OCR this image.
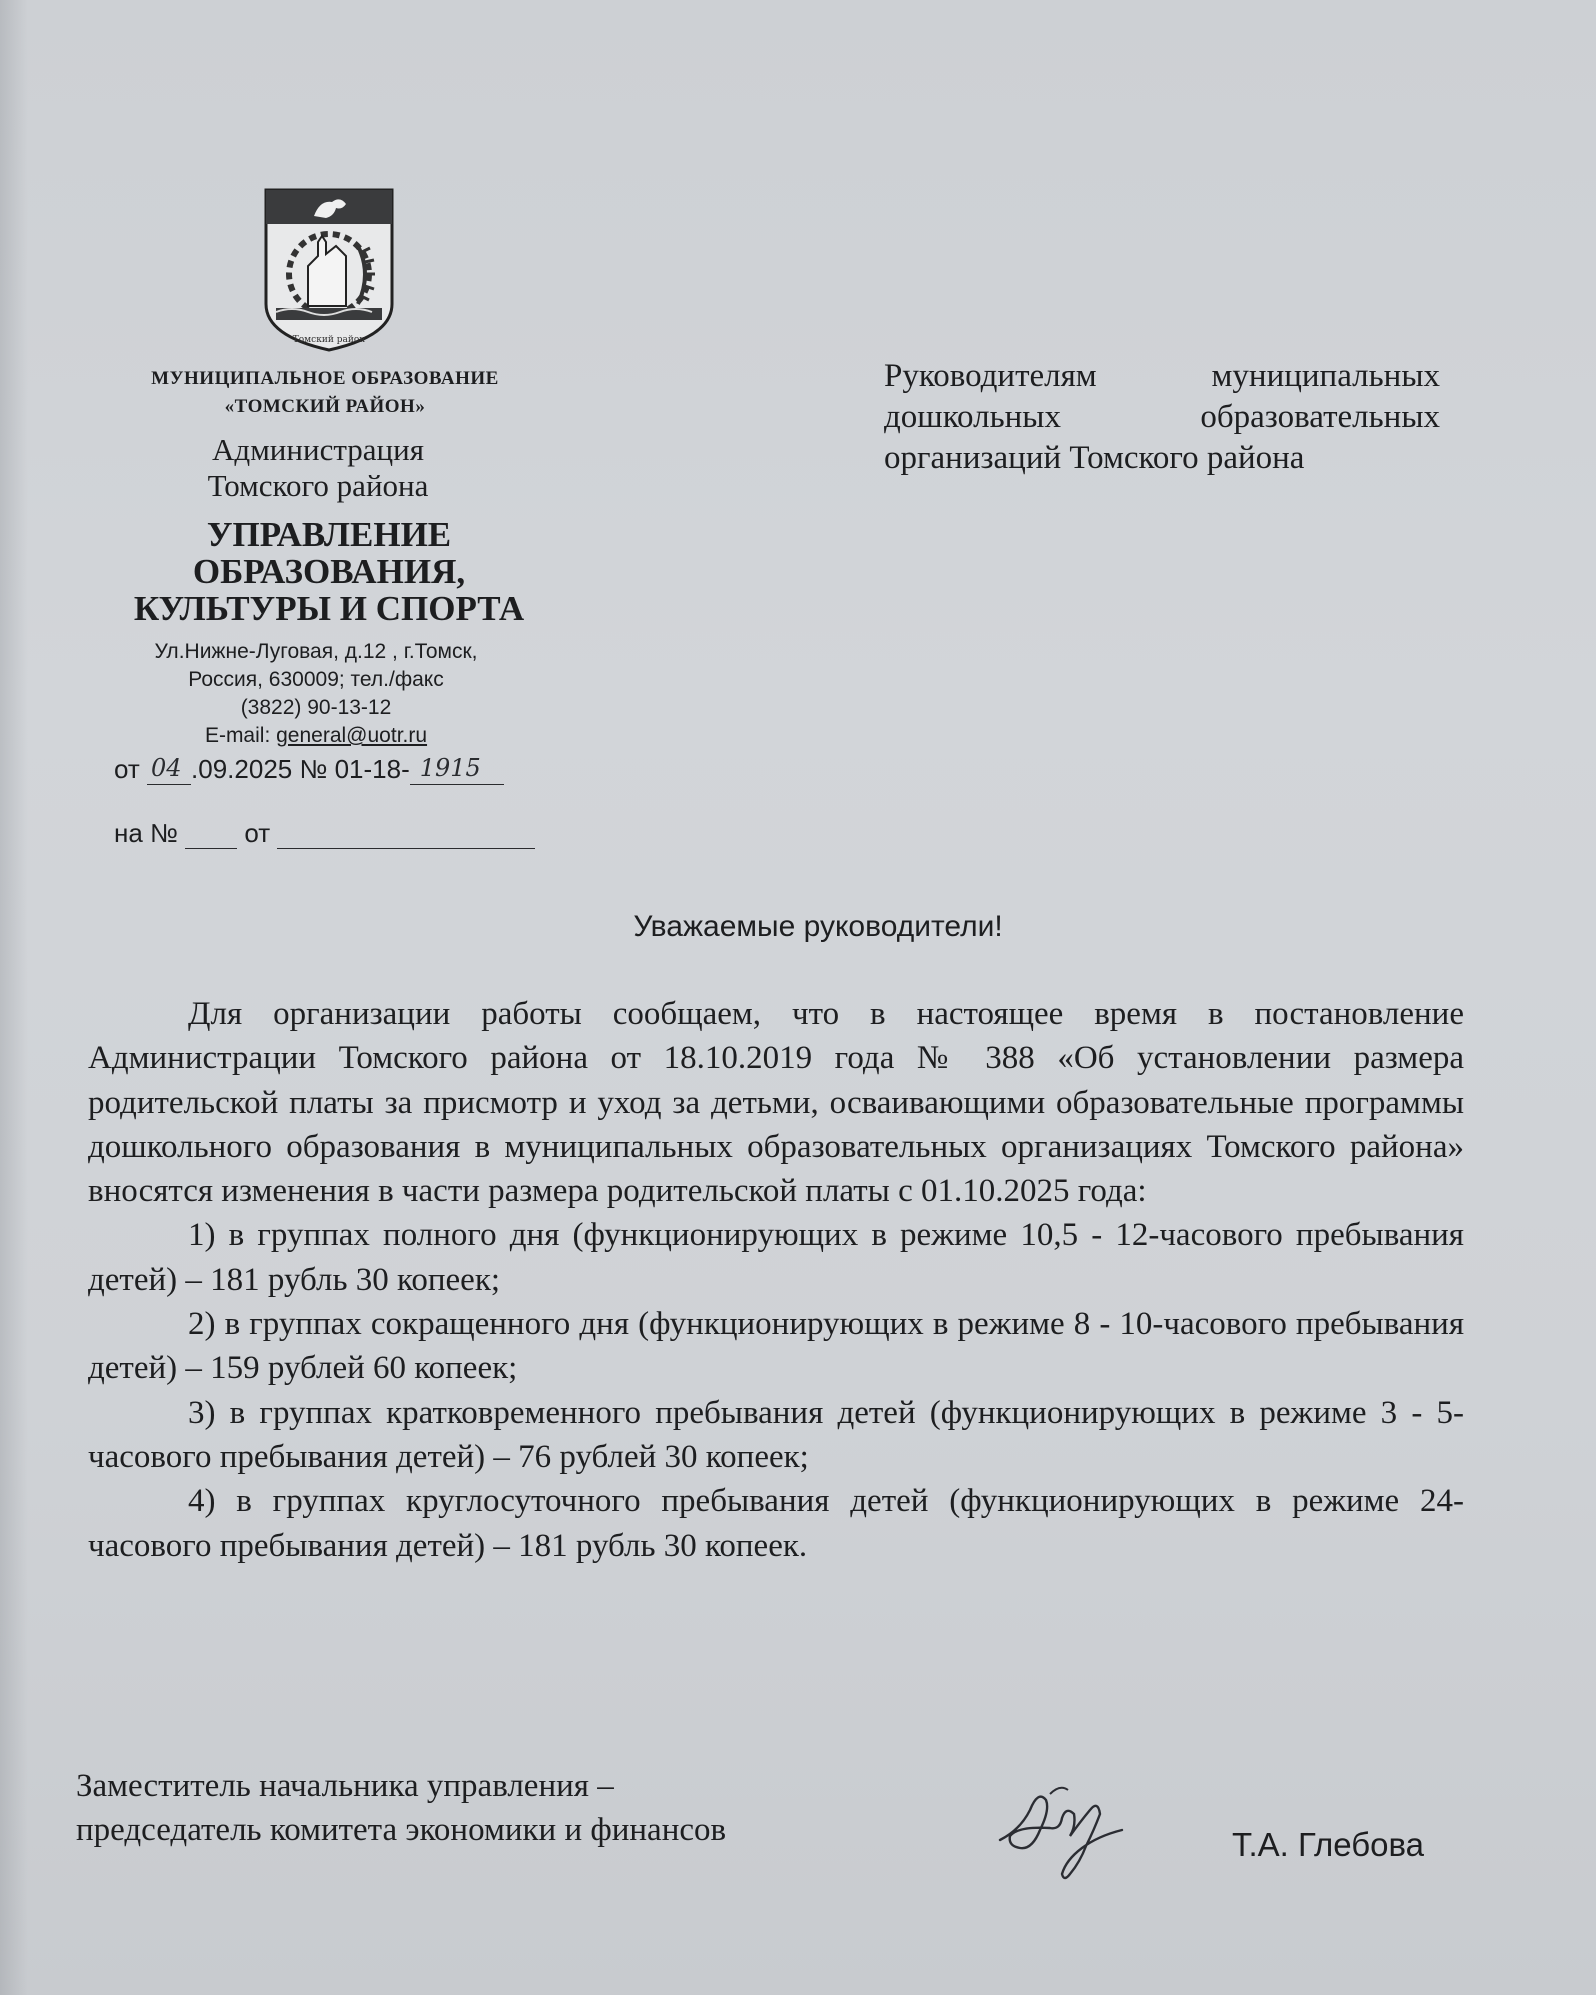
Томский район
МУНИЦИПАЛЬНОЕ ОБРАЗОВАНИЕ
«ТОМСКИЙ РАЙОН»
Администрация
Томского района
УПРАВЛЕНИЕ
ОБРАЗОВАНИЯ,
КУЛЬТУРЫ И СПОРТА
Ул.Нижне-Луговая, д.12 , г.Томск,
Россия, 630009; тел./факс
(3822) 90-13-12
E-mail: general@uotr.ru
от 04 .09.2025 № 01-18- 1915
на №	от
Руководителям муниципальных дошкольных образовательных организаций Томского района
Уважаемые руководители!

Для организации работы сообщаем, что в настоящее время в постановление Администрации Томского района от 18.10.2019 года № 388 «Об установлении размера родительской платы за присмотр и уход за детьми, осваивающими образовательные программы дошкольного образования в муниципальных образовательных организациях Томского района» вносятся изменения в части размера родительской платы с 01.10.2025 года:

1) в группах полного дня (функционирующих в режиме 10,5 - 12-часового пребывания детей) – 181 рубль 30 копеек;

2) в группах сокращенного дня (функционирующих в режиме 8 - 10-часового пребывания детей) – 159 рублей 60 копеек;

3) в группах кратковременного пребывания детей (функционирующих в режиме 3 - 5-часового пребывания детей) – 76 рублей 30 копеек;

4) в группах круглосуточного пребывания детей (функционирующих в режиме 24-часового пребывания детей) – 181 рубль 30 копеек.

Заместитель начальника управления –
председатель комитета экономики и финансов	Т.А. Глебова
